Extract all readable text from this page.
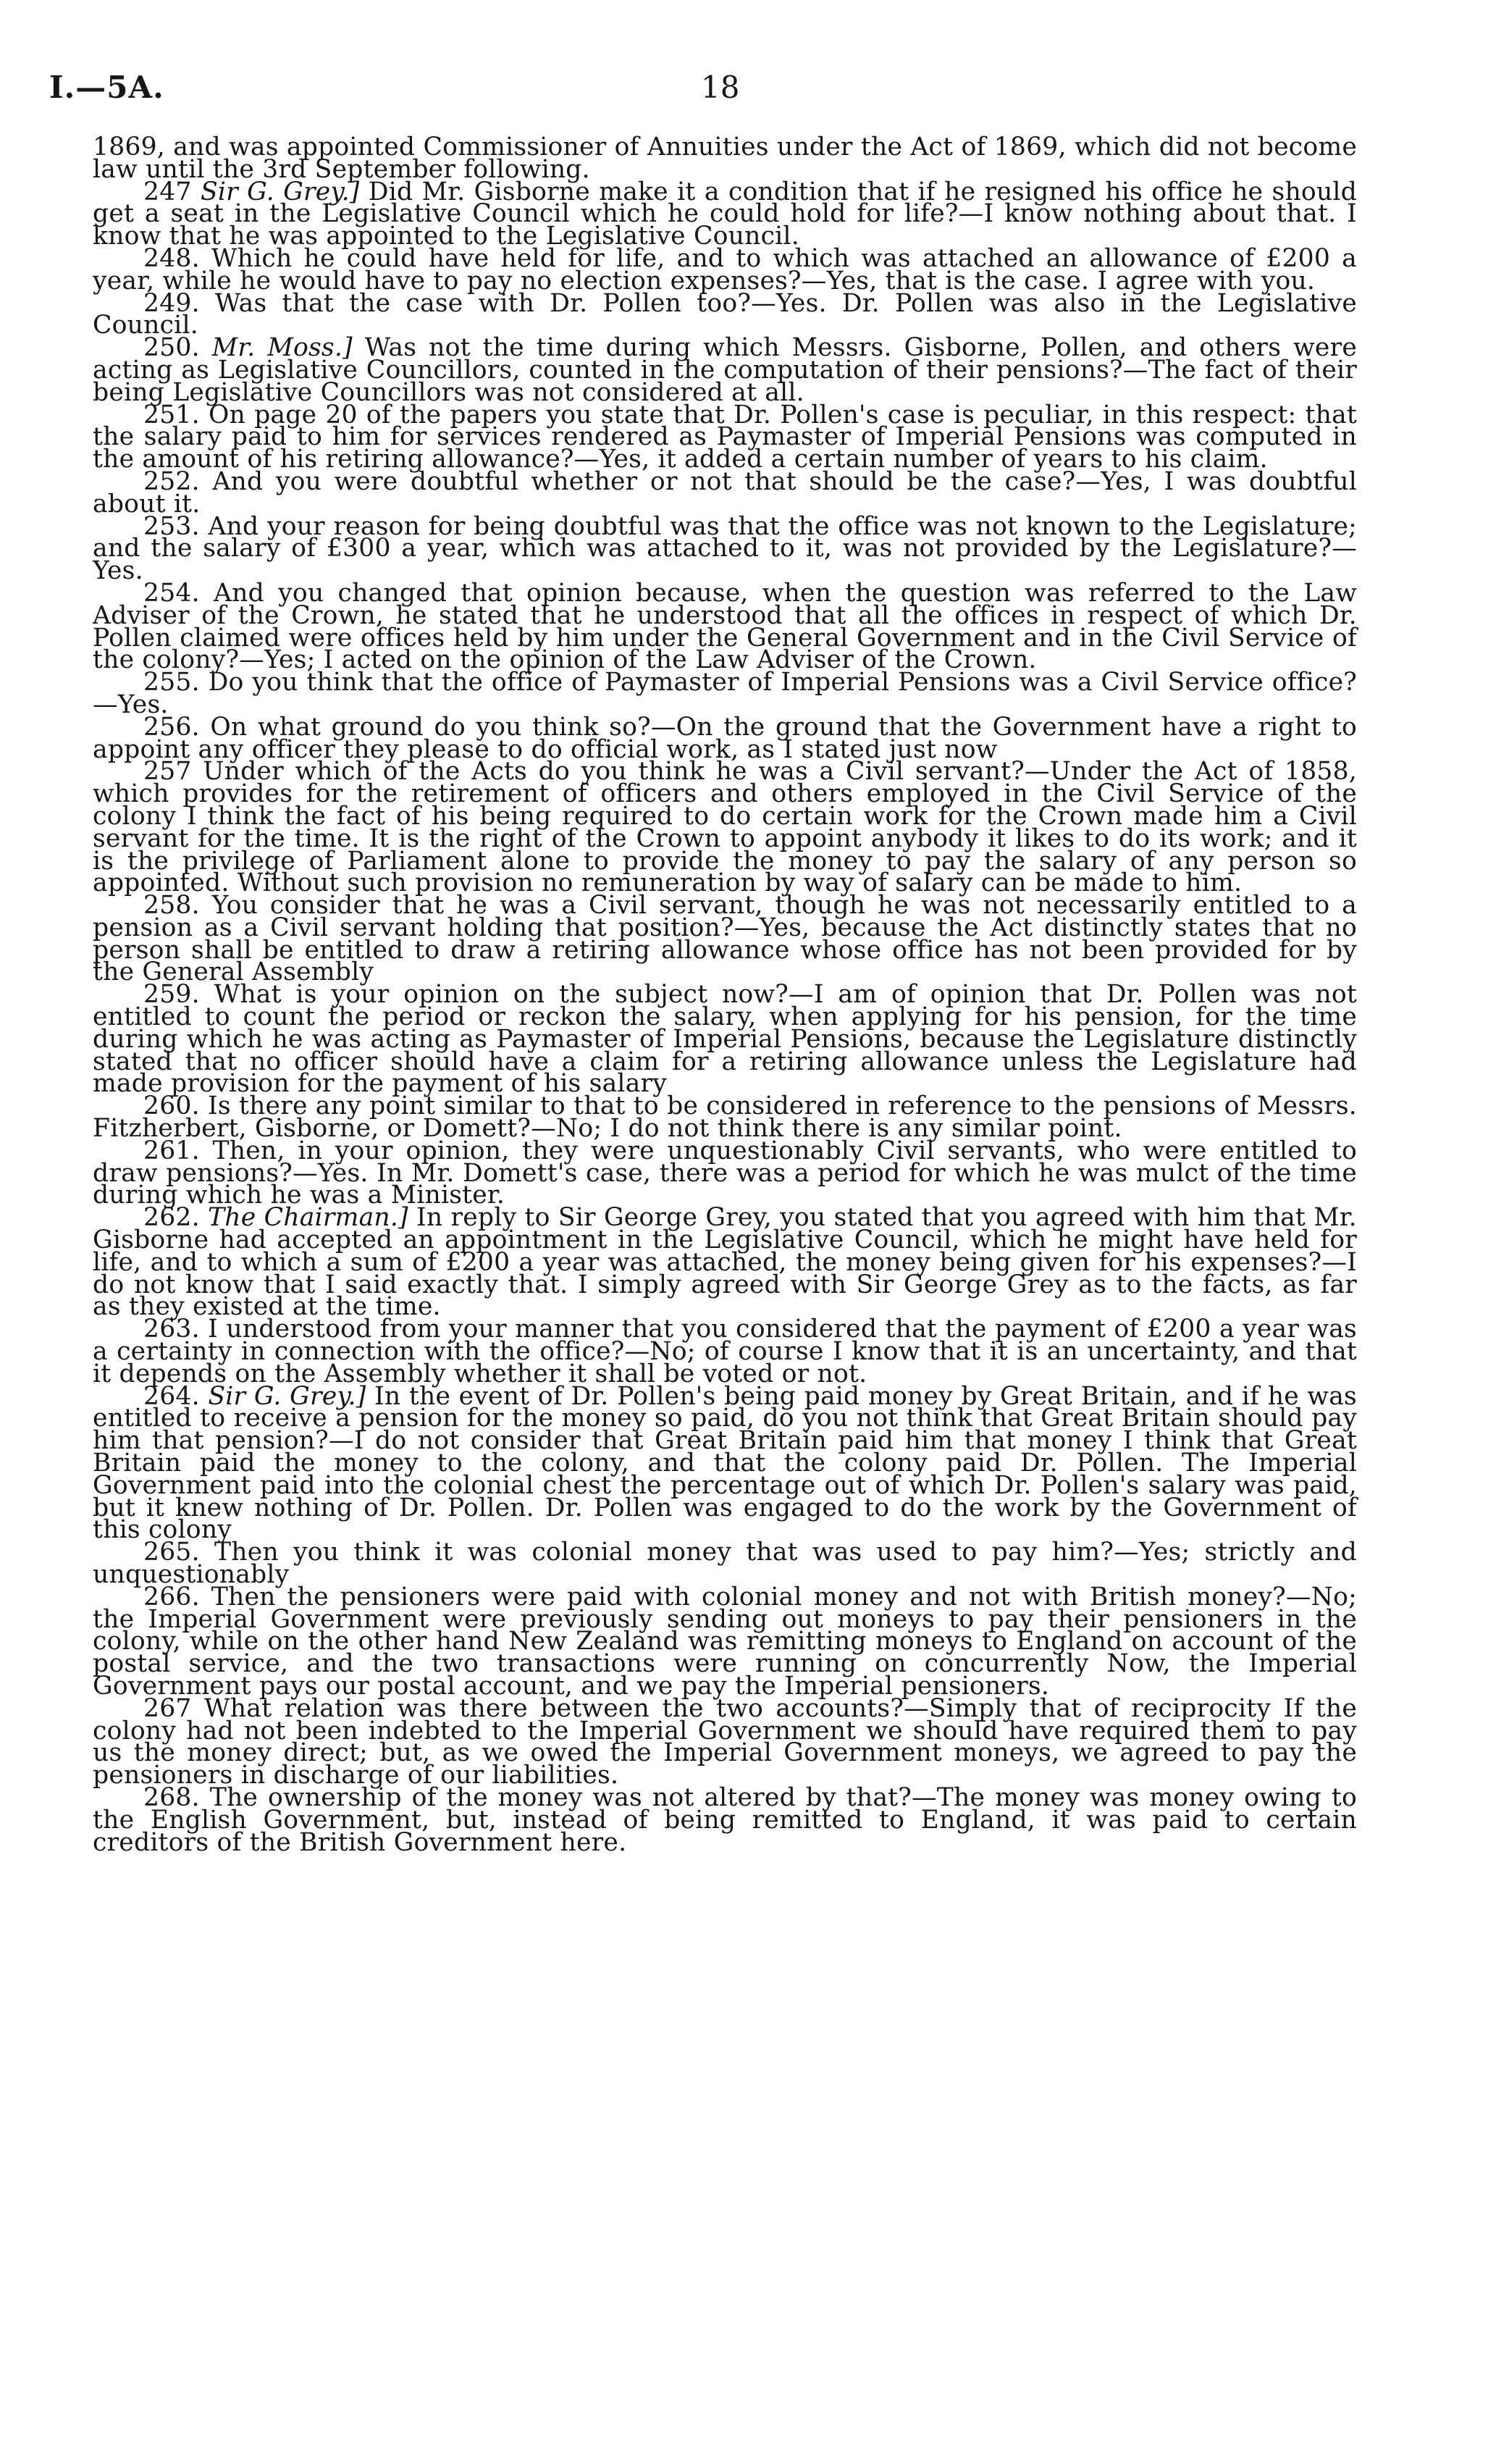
I.—5A.	18

1869, and was appointed Commissioner of Annuities under the Act of 1869, which did not become law until the 3rd September following.

247 Sir G. Grey.] Did Mr. Gisborne make it a condition that if he resigned his office he should get a seat in the Legislative Council which he could hold for life?—I know nothing about that. I know that he was appointed to the Legislative Council.

248. Which he could have held for life, and to which was attached an allowance of £200 a year, while he would have to pay no election expenses?—Yes, that is the case. I agree with you.

249. Was that the case with Dr. Pollen too?—Yes. Dr. Pollen was also in the Legislative Council.

250. Mr. Moss.] Was not the time during which Messrs. Gisborne, Pollen, and others were acting as Legislative Councillors, counted in the computation of their pensions?—The fact of their being Legislative Councillors was not considered at all.

251. On page 20 of the papers you state that Dr. Pollen's case is peculiar, in this respect: that the salary paid to him for services rendered as Paymaster of Imperial Pensions was computed in the amount of his retiring allowance?—Yes, it added a certain number of years to his claim.

252. And you were doubtful whether or not that should be the case?—Yes, I was doubtful about it.

253. And your reason for being doubtful was that the office was not known to the Legislature; and the salary of £300 a year, which was attached to it, was not provided by the Legislature?—Yes.

254. And you changed that opinion because, when the question was referred to the Law Adviser of the Crown, he stated that he understood that all the offices in respect of which Dr. Pollen claimed were offices held by him under the General Government and in the Civil Service of the colony?—Yes; I acted on the opinion of the Law Adviser of the Crown.

255. Do you think that the office of Paymaster of Imperial Pensions was a Civil Service office?—Yes.

256. On what ground do you think so?—On the ground that the Government have a right to appoint any officer they please to do official work, as I stated just now

257 Under which of the Acts do you think he was a Civil servant?—Under the Act of 1858, which provides for the retirement of officers and others employed in the Civil Service of the colony I think the fact of his being required to do certain work for the Crown made him a Civil servant for the time. It is the right of the Crown to appoint anybody it likes to do its work; and it is the privilege of Parliament alone to provide the money to pay the salary of any person so appointed. Without such provision no remuneration by way of salary can be made to him.

258. You consider that he was a Civil servant, though he was not necessarily entitled to a pension as a Civil servant holding that position?—Yes, because the Act distinctly states that no person shall be entitled to draw a retiring allowance whose office has not been provided for by the General Assembly

259. What is your opinion on the subject now?—I am of opinion that Dr. Pollen was not entitled to count the period or reckon the salary, when applying for his pension, for the time during which he was acting as Paymaster of Imperial Pensions, because the Legislature distinctly stated that no officer should have a claim for a retiring allowance unless the Legislature had made provision for the payment of his salary

260. Is there any point similar to that to be considered in reference to the pensions of Messrs. Fitzherbert, Gisborne, or Domett?—No; I do not think there is any similar point.

261. Then, in your opinion, they were unquestionably Civil servants, who were entitled to draw pensions?—Yes. In Mr. Domett's case, there was a period for which he was mulct of the time during which he was a Minister.

262. The Chairman.] In reply to Sir George Grey, you stated that you agreed with him that Mr. Gisborne had accepted an appointment in the Legislative Council, which he might have held for life, and to which a sum of £200 a year was attached, the money being given for his expenses?—I do not know that I said exactly that. I simply agreed with Sir George Grey as to the facts, as far as they existed at the time.

263. I understood from your manner that you considered that the payment of £200 a year was a certainty in connection with the office?—No; of course I know that it is an uncertainty, and that it depends on the Assembly whether it shall be voted or not.

264. Sir G. Grey.] In the event of Dr. Pollen's being paid money by Great Britain, and if he was entitled to receive a pension for the money so paid, do you not think that Great Britain should pay him that pension?—I do not consider that Great Britain paid him that money I think that Great Britain paid the money to the colony, and that the colony paid Dr. Pollen. The Imperial Government paid into the colonial chest the percentage out of which Dr. Pollen's salary was paid, but it knew nothing of Dr. Pollen. Dr. Pollen was engaged to do the work by the Government of this colony

265. Then you think it was colonial money that was used to pay him?—Yes; strictly and unquestionably

266. Then the pensioners were paid with colonial money and not with British money?—No; the Imperial Government were previously sending out moneys to pay their pensioners in the colony, while on the other hand New Zealand was remitting moneys to England on account of the postal service, and the two transactions were running on concurrently Now, the Imperial Government pays our postal account, and we pay the Imperial pensioners.

267 What relation was there between the two accounts?—Simply that of reciprocity If the colony had not been indebted to the Imperial Government we should have required them to pay us the money direct; but, as we owed the Imperial Government moneys, we agreed to pay the pensioners in discharge of our liabilities.

268. The ownership of the money was not altered by that?—The money was money owing to the English Government, but, instead of being remitted to England, it was paid to certain creditors of the British Government here.
